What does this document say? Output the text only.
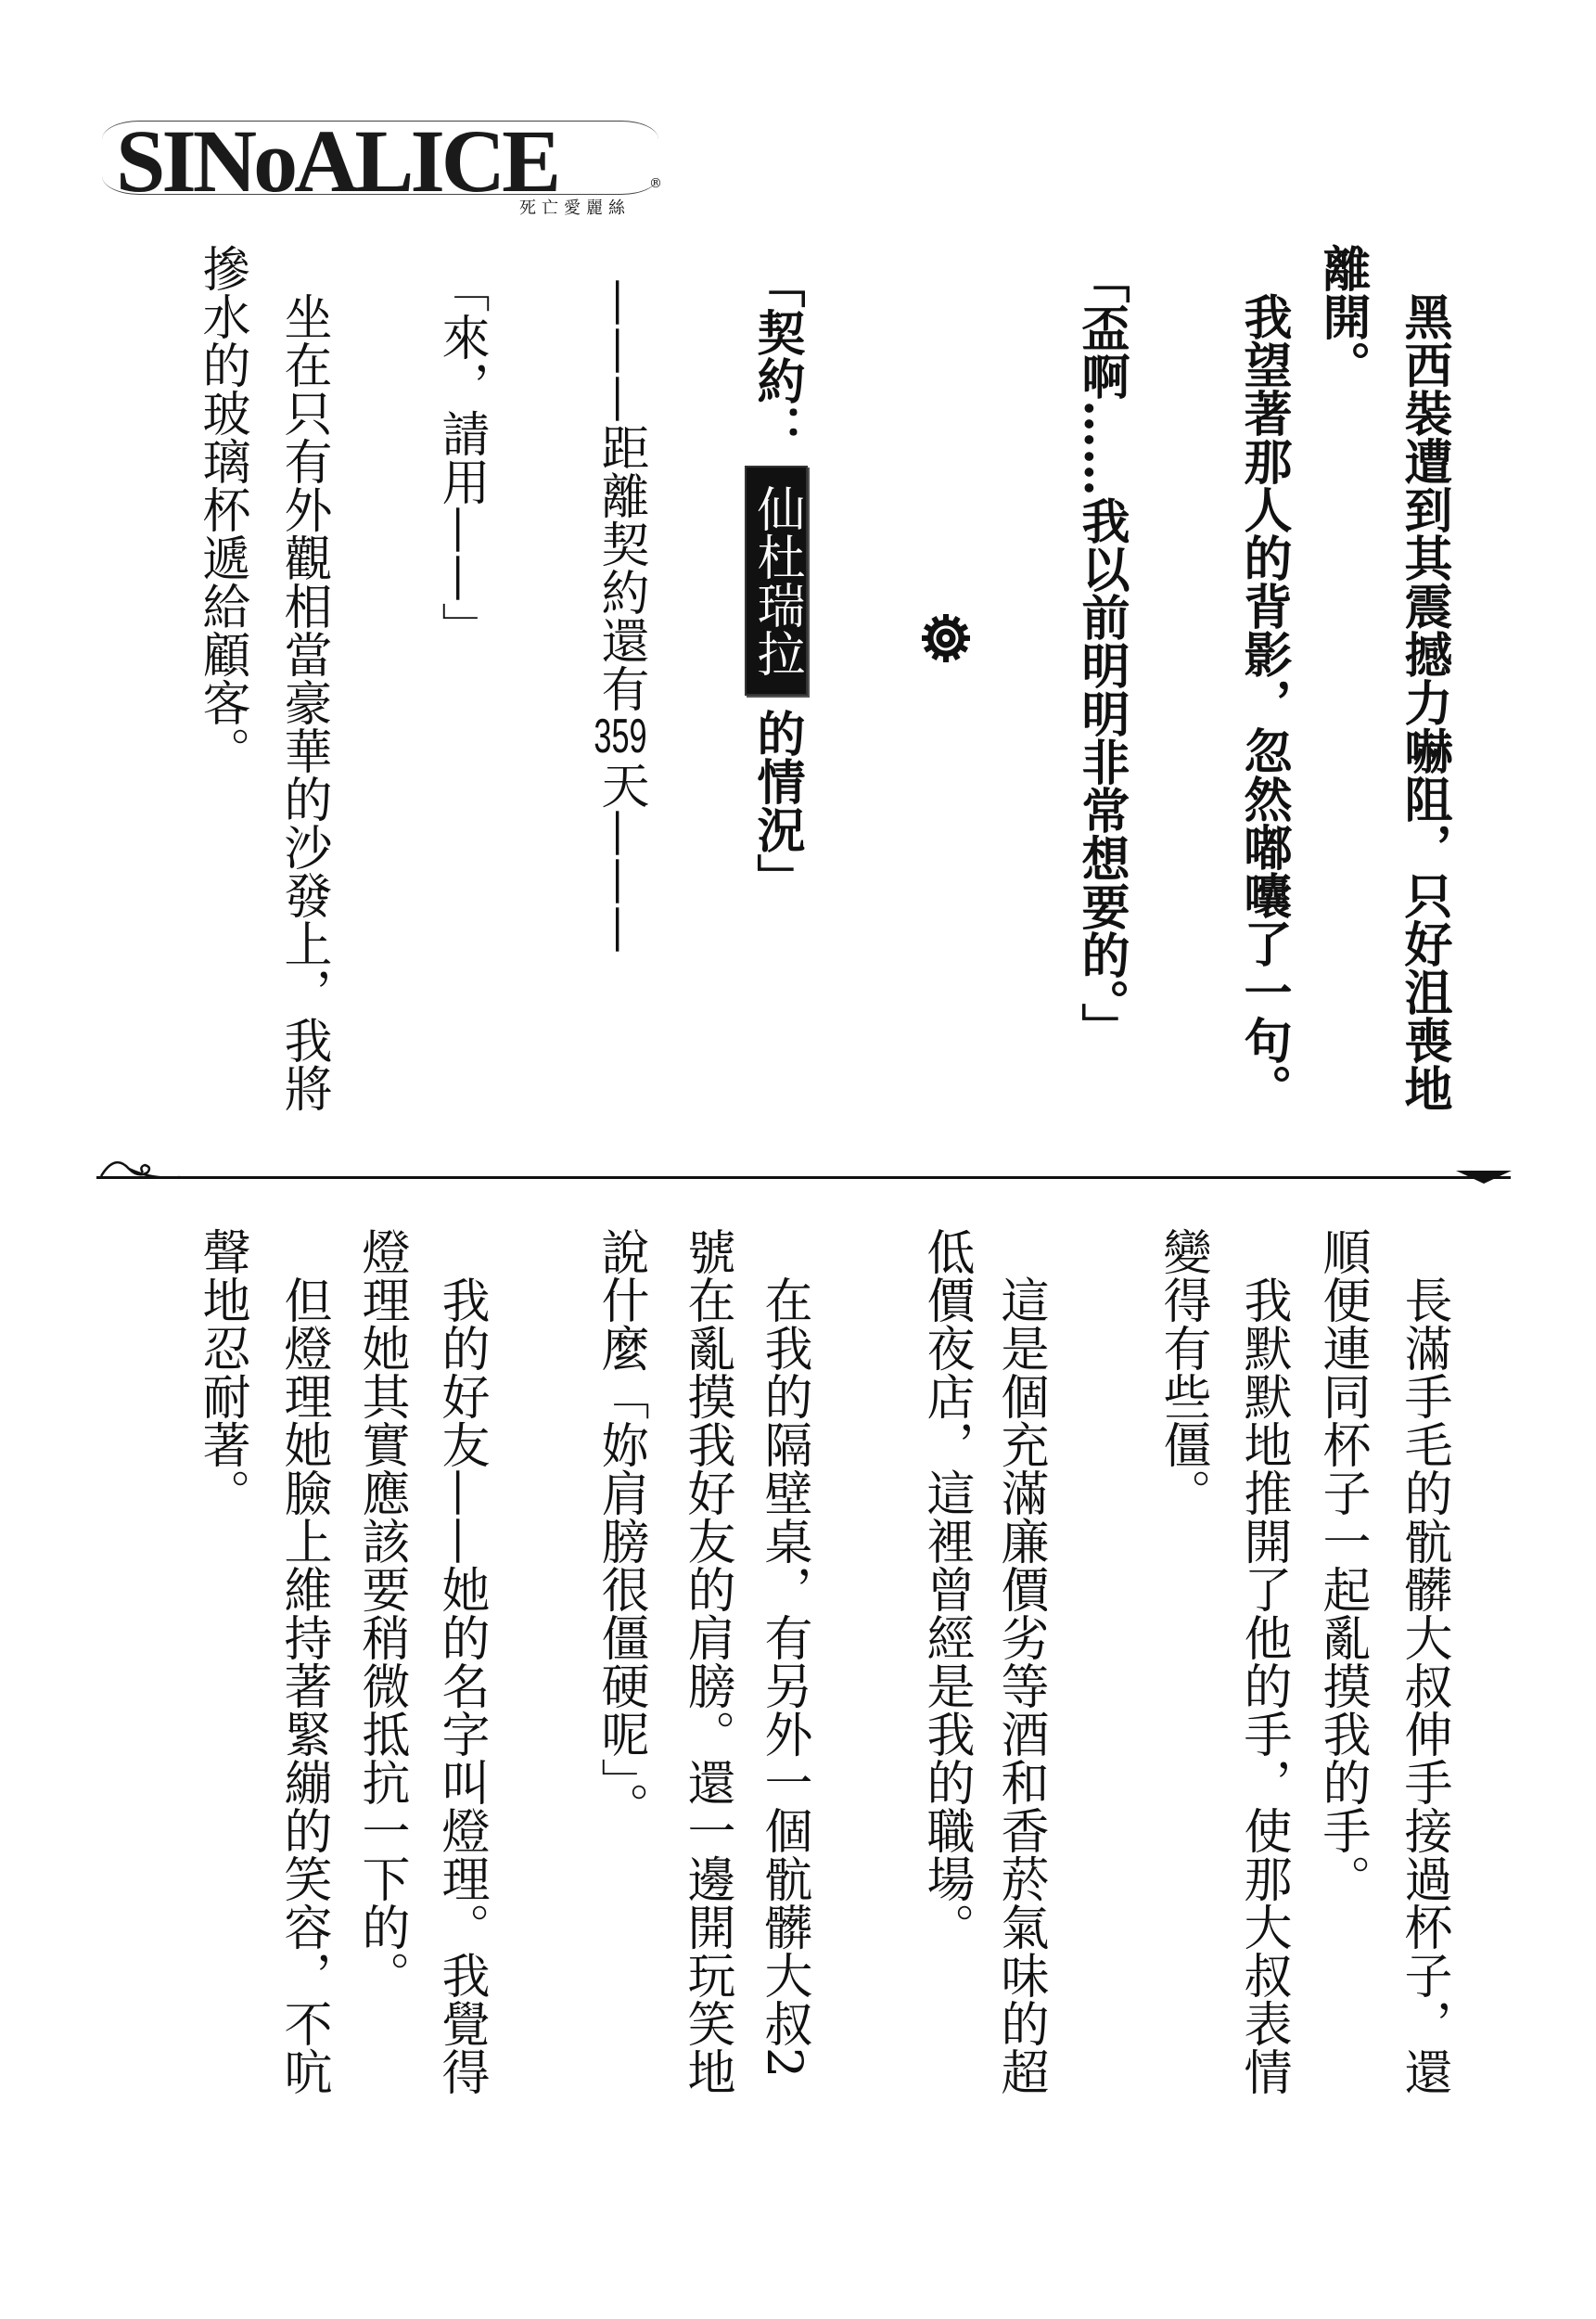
SINoALICE	®
死亡愛麗絲
　黑西裝遭到其震撼力嚇阻，只好沮喪地
離開。
　我望著那人的背影，忽然嘟囔了一句。
「盃啊……我以前明明非常想要的。」
「契約：仙杜瑞拉的情況」
———距離契約還有359天———
「來，請用——」
　坐在只有外觀相當豪華的沙發上，我將
摻水的玻璃杯遞給顧客。
　長滿手毛的骯髒大叔伸手接過杯子，還
順便連同杯子一起亂摸我的手。
　我默默地推開了他的手，使那大叔表情
變得有些僵。
　這是個充滿廉價劣等酒和香菸氣味的超
低價夜店，這裡曾經是我的職場。
　在我的隔壁桌，有另外一個骯髒大叔2
號在亂摸我好友的肩膀。還一邊開玩笑地
說什麼「妳肩膀很僵硬呢」。
　我的好友——她的名字叫燈理。我覺得
燈理她其實應該要稍微抵抗一下的。
　但燈理她臉上維持著緊繃的笑容，不吭
聲地忍耐著。
